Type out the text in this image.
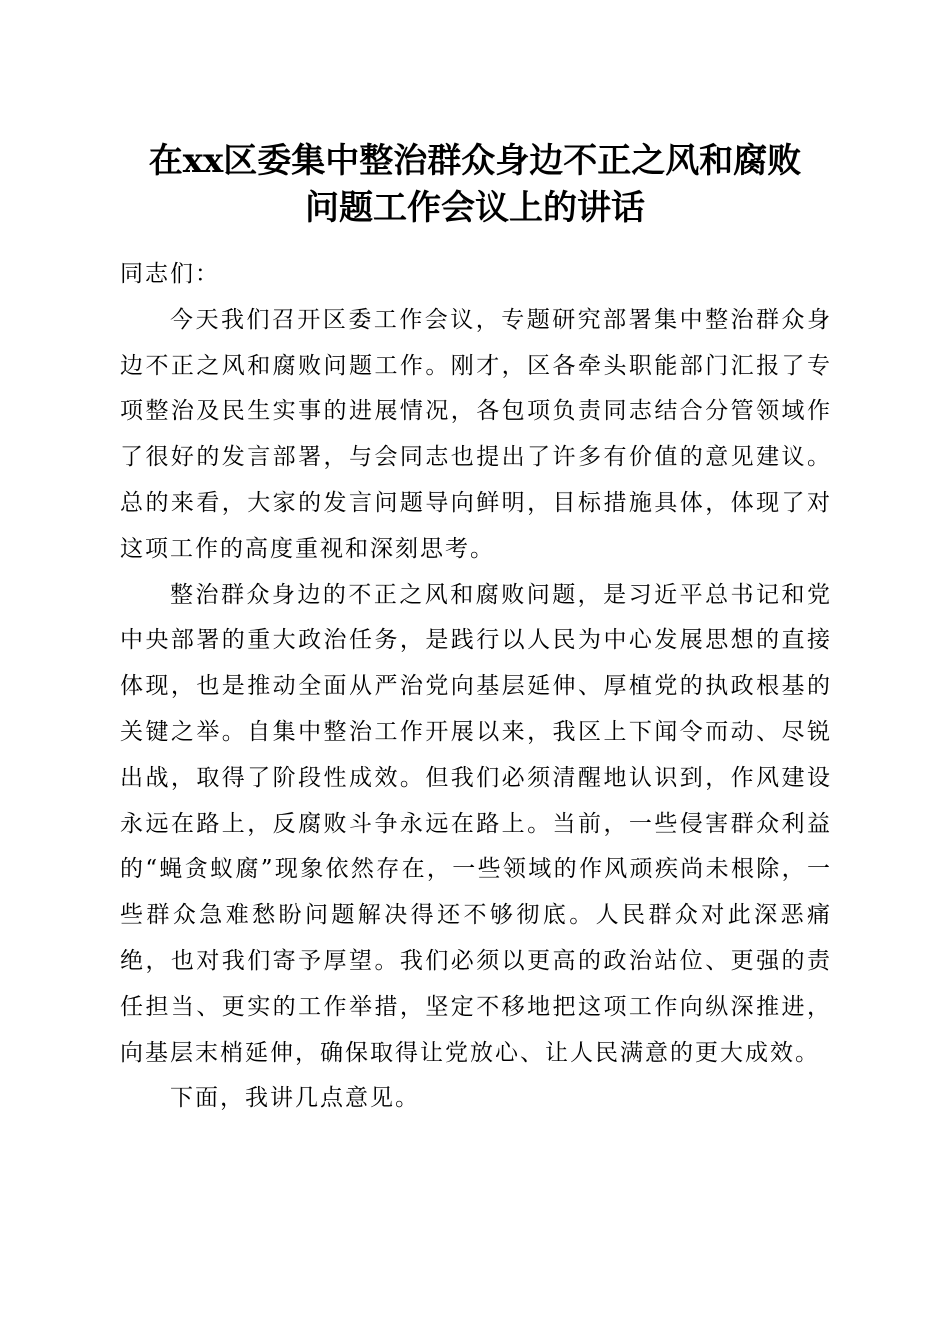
在xx区委集中整治群众身边不正之风和腐败
问题工作会议上的讲话

同志们：

今天我们召开区委工作会议，专题研究部署集中整治群众身边不正之风和腐败问题工作。刚才，区各牵头职能部门汇报了专项整治及民生实事的进展情况，各包项负责同志结合分管领域作了很好的发言部署，与会同志也提出了许多有价值的意见建议。总的来看，大家的发言问题导向鲜明，目标措施具体，体现了对这项工作的高度重视和深刻思考。

整治群众身边的不正之风和腐败问题，是习近平总书记和党中央部署的重大政治任务，是践行以人民为中心发展思想的直接体现，也是推动全面从严治党向基层延伸、厚植党的执政根基的关键之举。自集中整治工作开展以来，我区上下闻令而动、尽锐出战，取得了阶段性成效。但我们必须清醒地认识到，作风建设永远在路上，反腐败斗争永远在路上。当前，一些侵害群众利益的“蝇贪蚁腐”现象依然存在，一些领域的作风顽疾尚未根除，一些群众急难愁盼问题解决得还不够彻底。人民群众对此深恶痛绝，也对我们寄予厚望。我们必须以更高的政治站位、更强的责任担当、更实的工作举措，坚定不移地把这项工作向纵深推进，向基层末梢延伸，确保取得让党放心、让人民满意的更大成效。

下面，我讲几点意见。
